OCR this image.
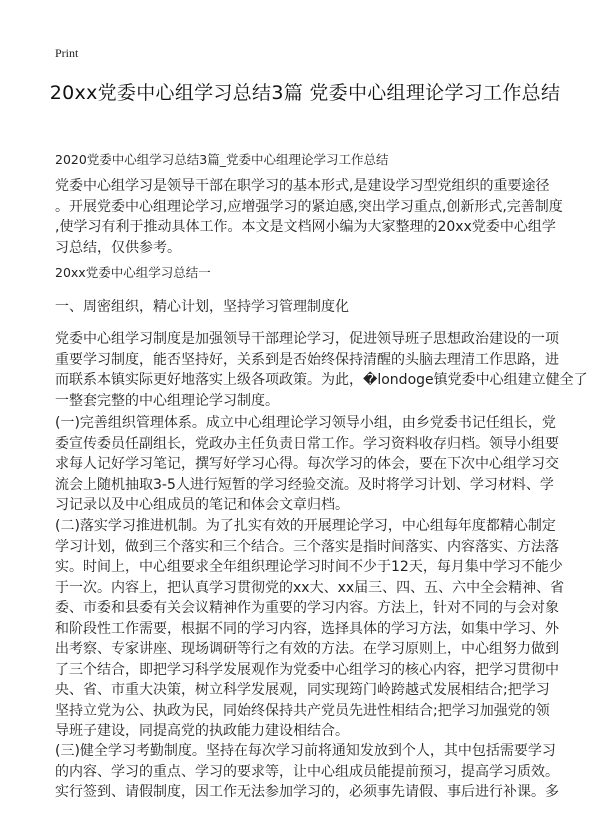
Print
20xx党委中心组学习总结3篇 党委中心组理论学习工作总结
2020党委中心组学习总结3篇_党委中心组理论学习工作总结
党委中心组学习是领导干部在职学习的基本形式,是建设学习型党组织的重要途径
。开展党委中心组理论学习,应增强学习的紧迫感,突出学习重点,创新形式,完善制度
,使学习有利于推动具体工作。本文是文档网小编为大家整理的20xx党委中心组学
习总结，仅供参考。
20xx党委中心组学习总结一
一、周密组织，精心计划，坚持学习管理制度化
党委中心组学习制度是加强领导干部理论学习，促进领导班子思想政治建设的一项
重要学习制度，能否坚持好，关系到是否始终保持清醒的头脑去理清工作思路，进
而联系本镇实际更好地落实上级各项政策。为此，�londoge镇党委中心组建立健全了
一整套完整的中心组理论学习制度。
(一)完善组织管理体系。成立中心组理论学习领导小组，由乡党委书记任组长，党
委宣传委员任副组长，党政办主任负责日常工作。学习资料收存归档。领导小组要
求每人记好学习笔记，撰写好学习心得。每次学习的体会，要在下次中心组学习交
流会上随机抽取3-5人进行短暂的学习经验交流。及时将学习计划、学习材料、学
习记录以及中心组成员的笔记和体会文章归档。
(二)落实学习推进机制。为了扎实有效的开展理论学习，中心组每年度都精心制定
学习计划，做到三个落实和三个结合。三个落实是指时间落实、内容落实、方法落
实。时间上，中心组要求全年组织理论学习时间不少于12天，每月集中学习不能少
于一次。内容上，把认真学习贯彻党的xx大、xx届三、四、五、六中全会精神、省
委、市委和县委有关会议精神作为重要的学习内容。方法上，针对不同的与会对象
和阶段性工作需要，根据不同的学习内容，选择具体的学习方法，如集中学习、外
出考察、专家讲座、现场调研等行之有效的方法。在学习原则上，中心组努力做到
了三个结合，即把学习科学发展观作为党委中心组学习的核心内容，把学习贯彻中
央、省、市重大决策，树立科学发展观，同实现筠门岭跨越式发展相结合;把学习
坚持立党为公、执政为民，同始终保持共产党员先进性相结合;把学习加强党的领
导班子建设，同提高党的执政能力建设相结合。
(三)健全学习考勤制度。坚持在每次学习前将通知发放到个人，其中包括需要学习
的内容、学习的重点、学习的要求等，让中心组成员能提前预习，提高学习质效。
实行签到、请假制度，因工作无法参加学习的，必须事先请假、事后进行补课。多
